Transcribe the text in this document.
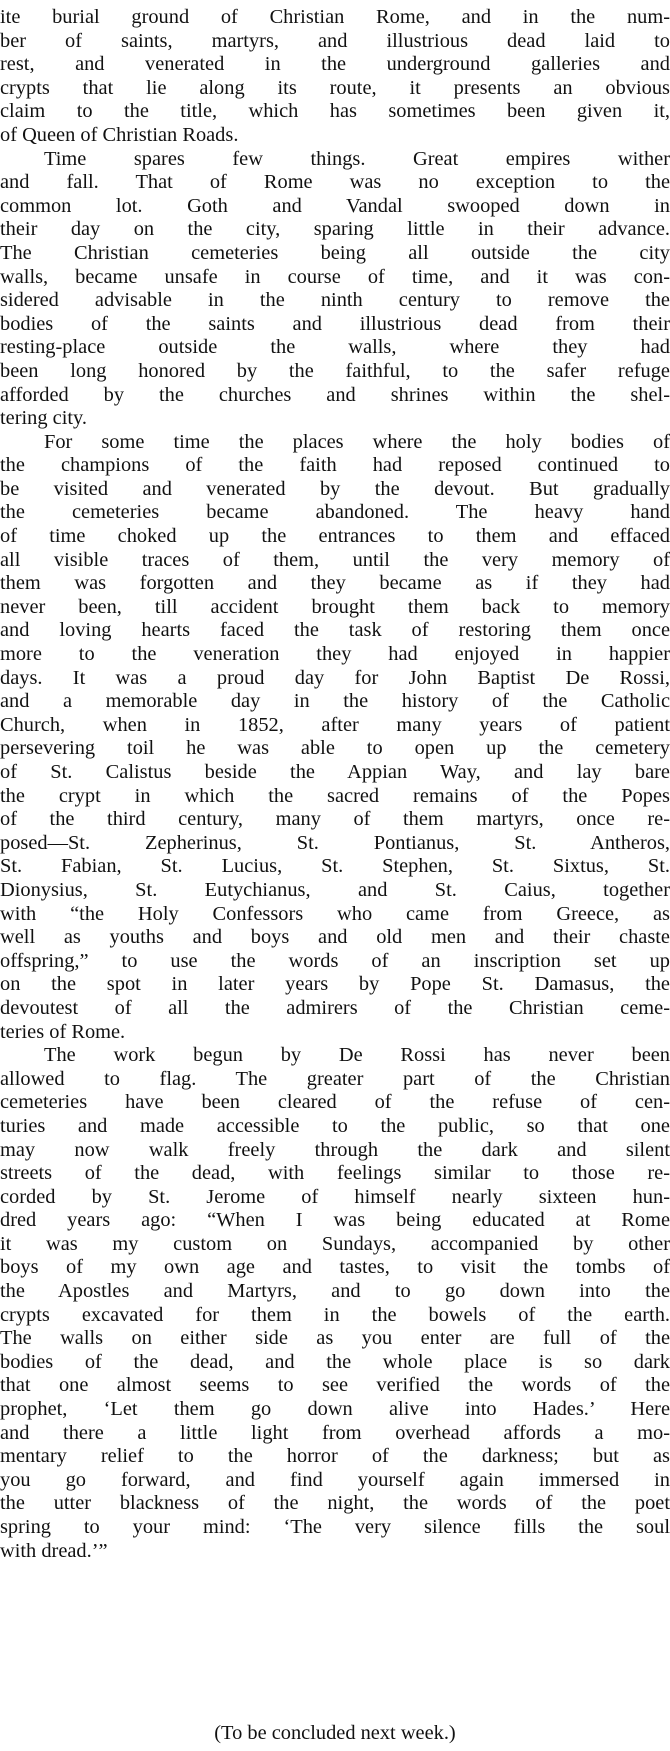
ite burial ground of Christian Rome, and in the num-
ber of saints, martyrs, and illustrious dead laid to
rest, and venerated in the underground galleries and
crypts that lie along its route, it presents an obvious
claim to the title, which has sometimes been given it,
of Queen of Christian Roads.
Time spares few things. Great empires wither
and fall. That of Rome was no exception to the
common lot. Goth and Vandal swooped down in
their day on the city, sparing little in their advance.
The Christian cemeteries being all outside the city
walls, became unsafe in course of time, and it was con-
sidered advisable in the ninth century to remove the
bodies of the saints and illustrious dead from their
resting-place outside the walls, where they had
been long honored by the faithful, to the safer refuge
afforded by the churches and shrines within the shel-
tering city.
For some time the places where the holy bodies of
the champions of the faith had reposed continued to
be visited and venerated by the devout. But gradually
the cemeteries became abandoned. The heavy hand
of time choked up the entrances to them and effaced
all visible traces of them, until the very memory of
them was forgotten and they became as if they had
never been, till accident brought them back to memory
and loving hearts faced the task of restoring them once
more to the veneration they had enjoyed in happier
days. It was a proud day for John Baptist De Rossi,
and a memorable day in the history of the Catholic
Church, when in 1852, after many years of patient
persevering toil he was able to open up the cemetery
of St. Calistus beside the Appian Way, and lay bare
the crypt in which the sacred remains of the Popes
of the third century, many of them martyrs, once re-
posed—St. Zepherinus, St. Pontianus, St. Antheros,
St. Fabian, St. Lucius, St. Stephen, St. Sixtus, St.
Dionysius, St. Eutychianus, and St. Caius, together
with “the Holy Confessors who came from Greece, as
well as youths and boys and old men and their chaste
offspring,” to use the words of an inscription set up
on the spot in later years by Pope St. Damasus, the
devoutest of all the admirers of the Christian ceme-
teries of Rome.
The work begun by De Rossi has never been
allowed to flag. The greater part of the Christian
cemeteries have been cleared of the refuse of cen-
turies and made accessible to the public, so that one
may now walk freely through the dark and silent
streets of the dead, with feelings similar to those re-
corded by St. Jerome of himself nearly sixteen hun-
dred years ago: “When I was being educated at Rome
it was my custom on Sundays, accompanied by other
boys of my own age and tastes, to visit the tombs of
the Apostles and Martyrs, and to go down into the
crypts excavated for them in the bowels of the earth.
The walls on either side as you enter are full of the
bodies of the dead, and the whole place is so dark
that one almost seems to see verified the words of the
prophet, ‘Let them go down alive into Hades.’ Here
and there a little light from overhead affords a mo-
mentary relief to the horror of the darkness; but as
you go forward, and find yourself again immersed in
the utter blackness of the night, the words of the poet
spring to your mind: ‘The very silence fills the soul
with dread.’”
(To be concluded next week.)
